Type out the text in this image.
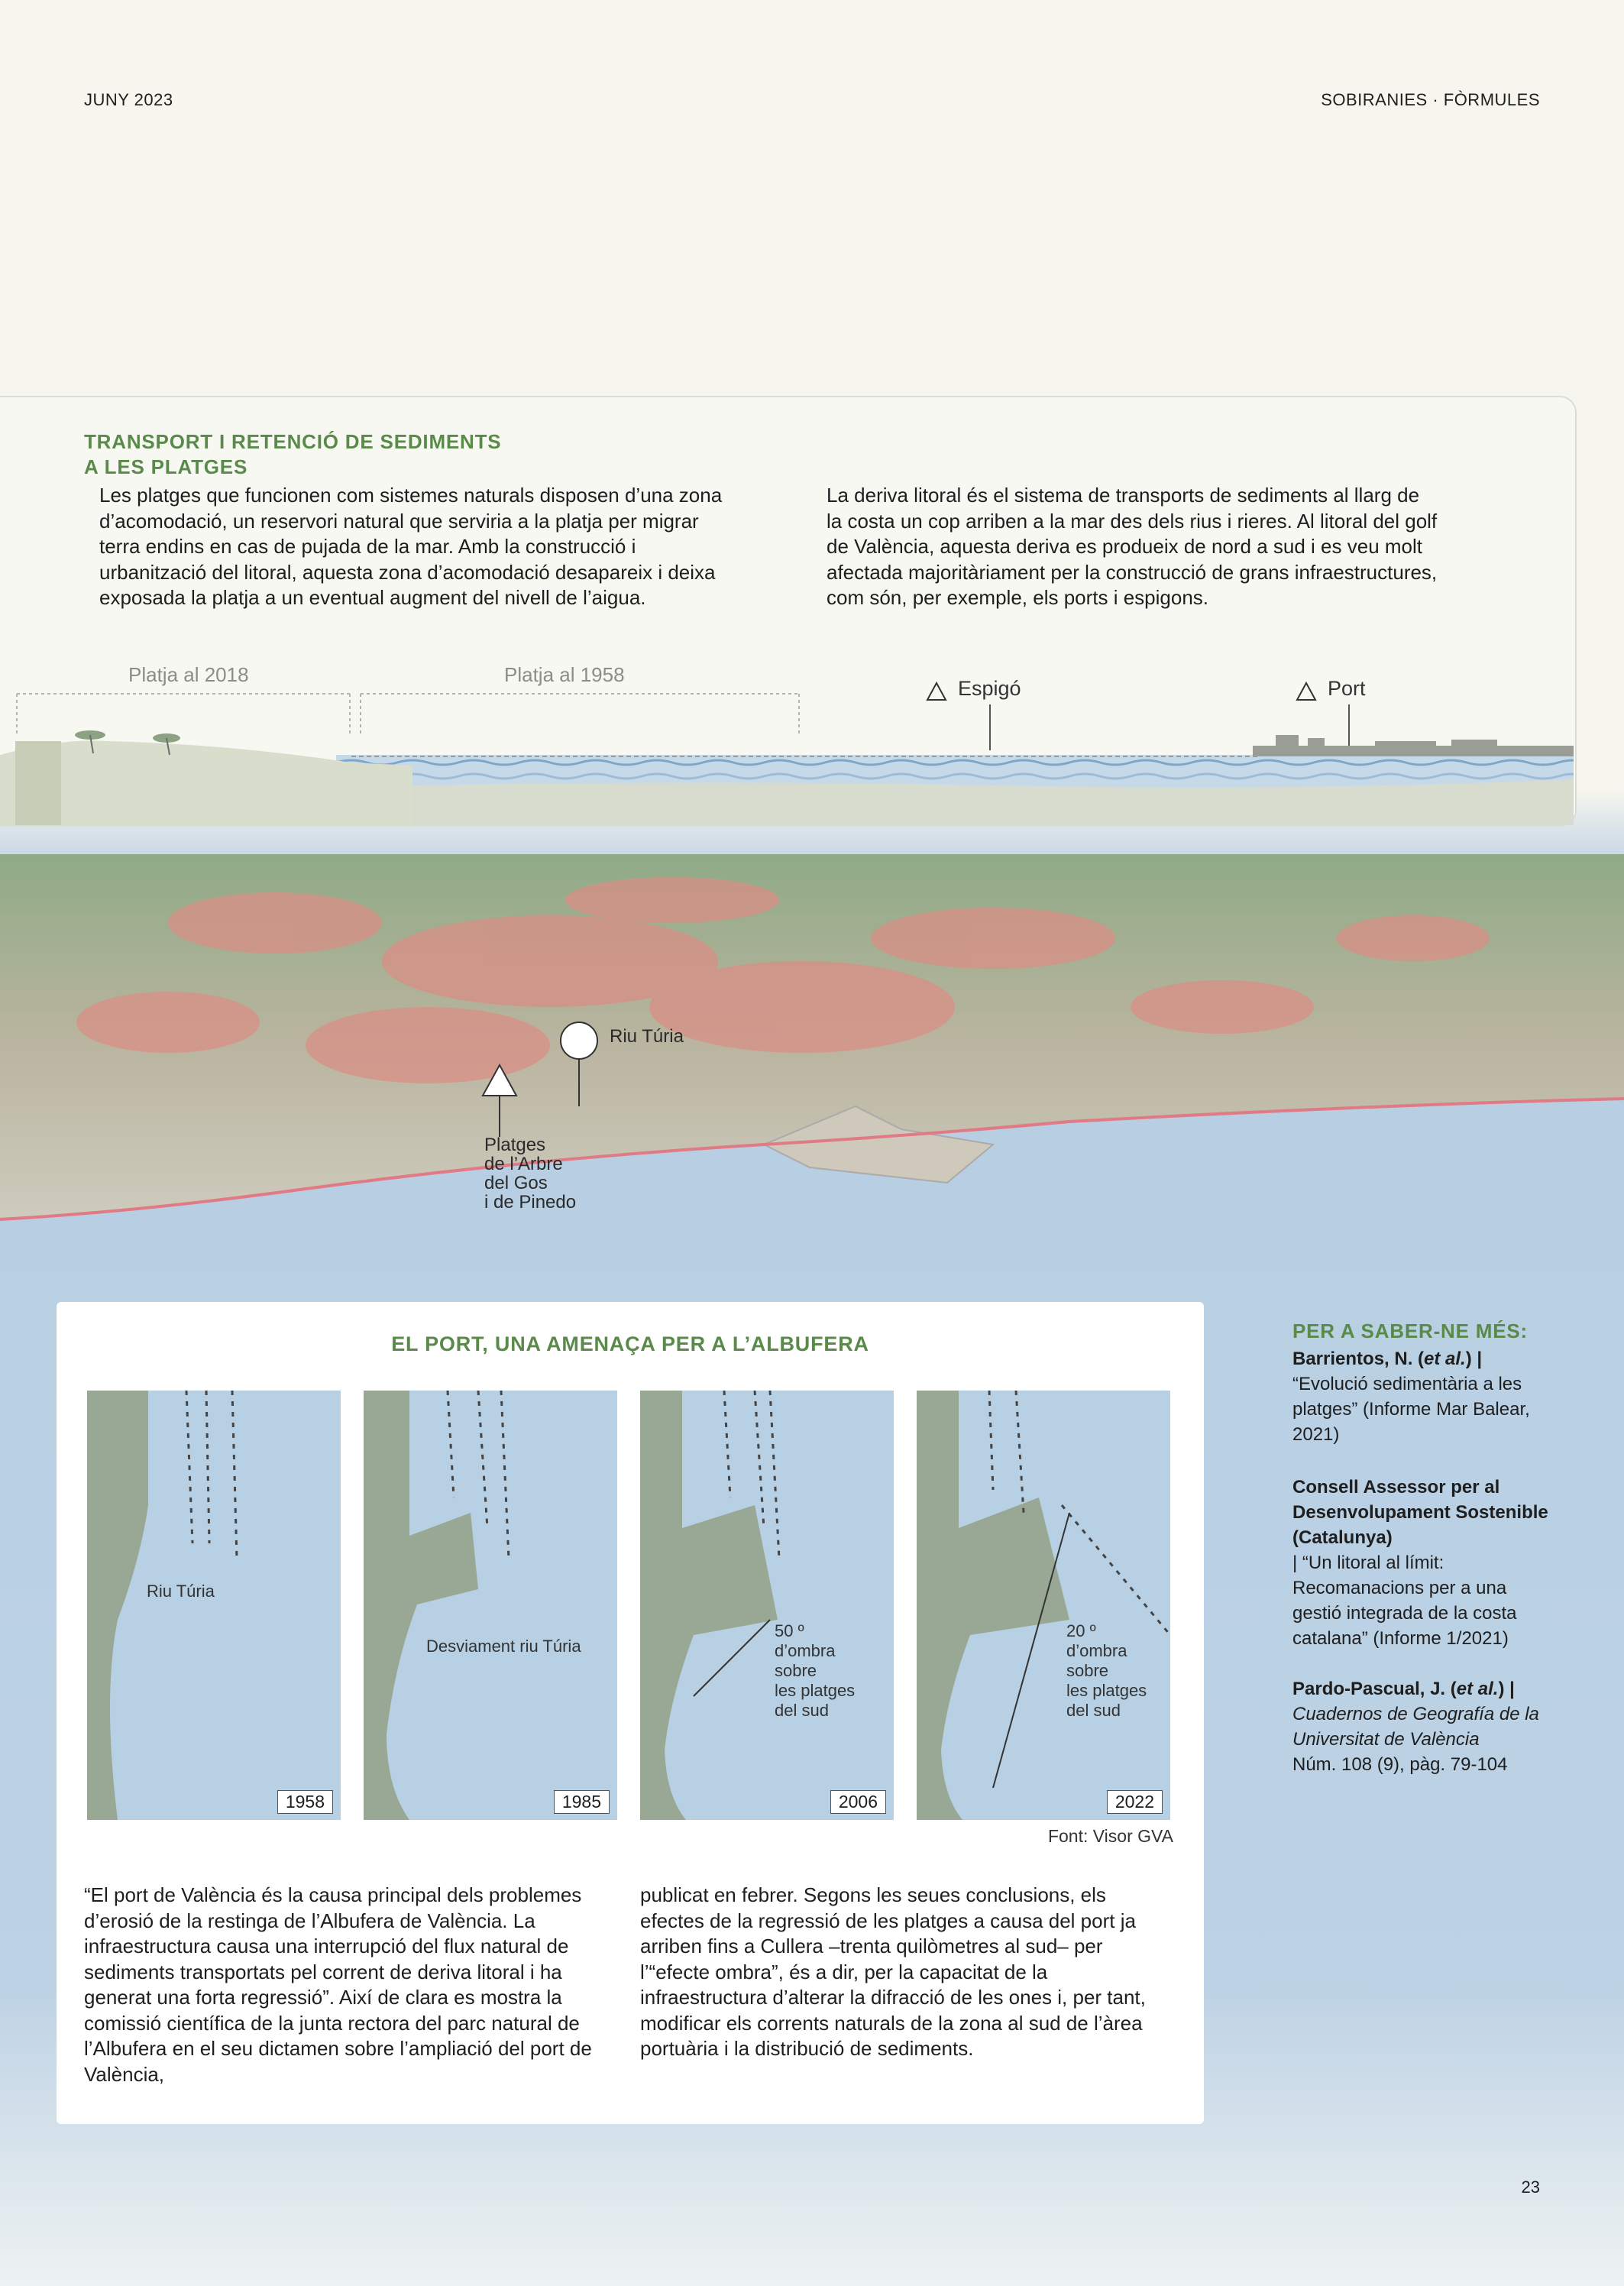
JUNY 2023	SOBIRANIES · FÒRMULES
TRANSPORT I RETENCIÓ DE SEDIMENTS
A LES PLATGES
Les platges que funcionen com sistemes naturals disposen d’una zona d’acomodació, un reservori natural que serviria a la platja per migrar terra endins en cas de pujada de la mar. Amb la construcció i urbanització del litoral, aquesta zona d’acomodació desapareix i deixa exposada la platja a un eventual augment del nivell de l’aigua.
La deriva litoral és el sistema de transports de sediments al llarg de la costa un cop arriben a la mar des dels rius i rieres. Al litoral del golf de València, aquesta deriva es produeix de nord a sud i es veu molt afectada majoritàriament per la construcció de grans infraestructures, com són, per exemple, els ports i espigons.
Platja al 2018	Platja al 1958
Espigó	Port
Riu Túria
Platges
de l’Arbre
del Gos
i de Pinedo
EL PORT, UNA AMENAÇA PER A L’ALBUFERA
1958
Riu Túria
1985
Desviament riu Túria
2006
50 º
d’ombra
sobre
les platges
del sud
2022
20 º
d’ombra
sobre
les platges
del sud
Font: Visor GVA
“El port de València és la causa principal dels problemes d’erosió de la restinga de l’Albufera de València. La infraestructura causa una interrupció del flux natural de sediments transportats pel corrent de deriva litoral i ha generat una forta regressió”. Així de clara es mostra la comissió científica de la junta rectora del parc natural de l’Albufera en el seu dictamen sobre l’ampliació del port de València,
publicat en febrer. Segons les seues conclusions, els efectes de la regressió de les platges a causa del port ja arriben fins a Cullera –trenta quilòmetres al sud– per l’“efecte ombra”, és a dir, per la capacitat de la infraestructura d’alterar la difracció de les ones i, per tant, modificar els corrents naturals de la zona al sud de l’àrea portuària i la distribució de sediments.
PER A SABER-NE MÉS:
Barrientos, N. (et al.) |
“Evolució sedimentària a les platges” (Informe Mar Balear, 2021)
Consell Assessor per al Desenvolupament Sostenible (Catalunya)
| “Un litoral al límit: Recomanacions per a una gestió integrada de la costa catalana” (Informe 1/2021)
Pardo-Pascual, J. (et al.) |
Cuadernos de Geografía de la Universitat de València
Núm. 108 (9), pàg. 79-104
23
